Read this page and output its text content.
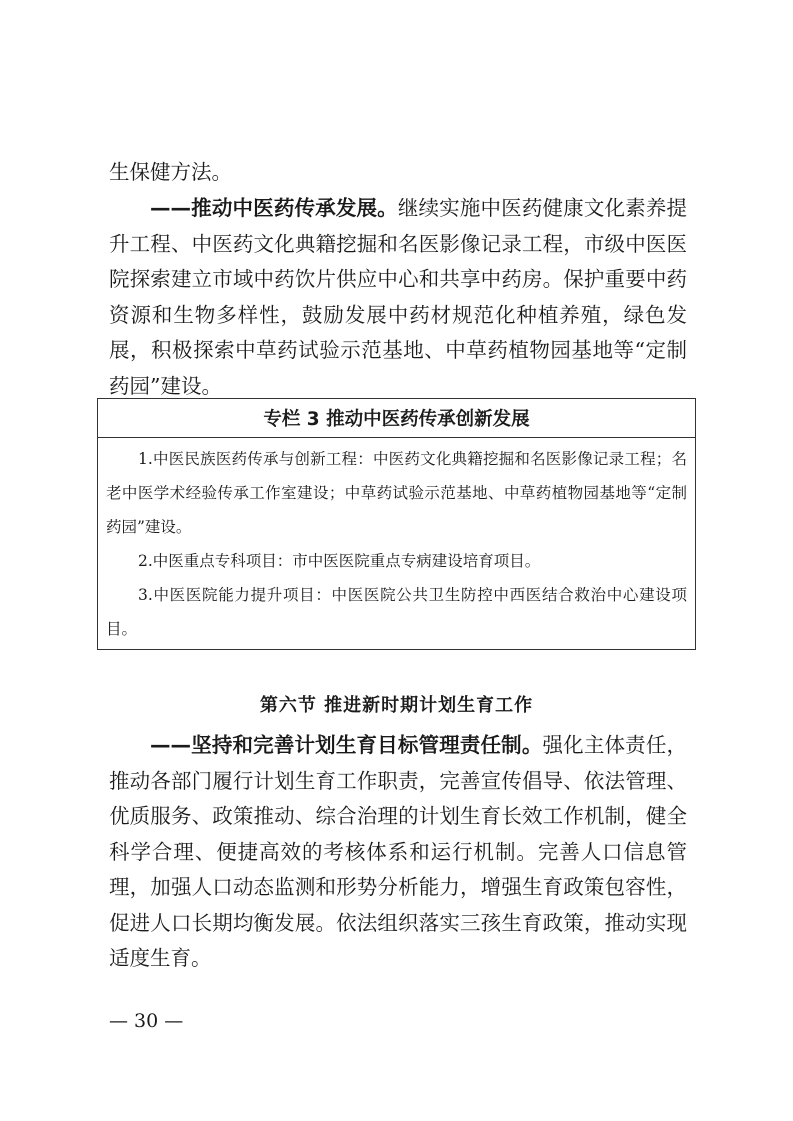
生保健方法。

——推动中医药传承发展。继续实施中医药健康文化素养提升工程、中医药文化典籍挖掘和名医影像记录工程，市级中医医院探索建立市域中药饮片供应中心和共享中药房。保护重要中药资源和生物多样性，鼓励发展中药材规范化种植养殖，绿色发展，积极探索中草药试验示范基地、中草药植物园基地等“定制药园”建设。

专栏 3 推动中医药传承创新发展

1.中医民族医药传承与创新工程：中医药文化典籍挖掘和名医影像记录工程；名老中医学术经验传承工作室建设；中草药试验示范基地、中草药植物园基地等“定制药园”建设。

2.中医重点专科项目：市中医医院重点专病建设培育项目。

3.中医医院能力提升项目：中医医院公共卫生防控中西医结合救治中心建设项目。

第六节 推进新时期计划生育工作

——坚持和完善计划生育目标管理责任制。强化主体责任，推动各部门履行计划生育工作职责，完善宣传倡导、依法管理、优质服务、政策推动、综合治理的计划生育长效工作机制，健全科学合理、便捷高效的考核体系和运行机制。完善人口信息管理，加强人口动态监测和形势分析能力，增强生育政策包容性，促进人口长期均衡发展。依法组织落实三孩生育政策，推动实现适度生育。

— 30 —
